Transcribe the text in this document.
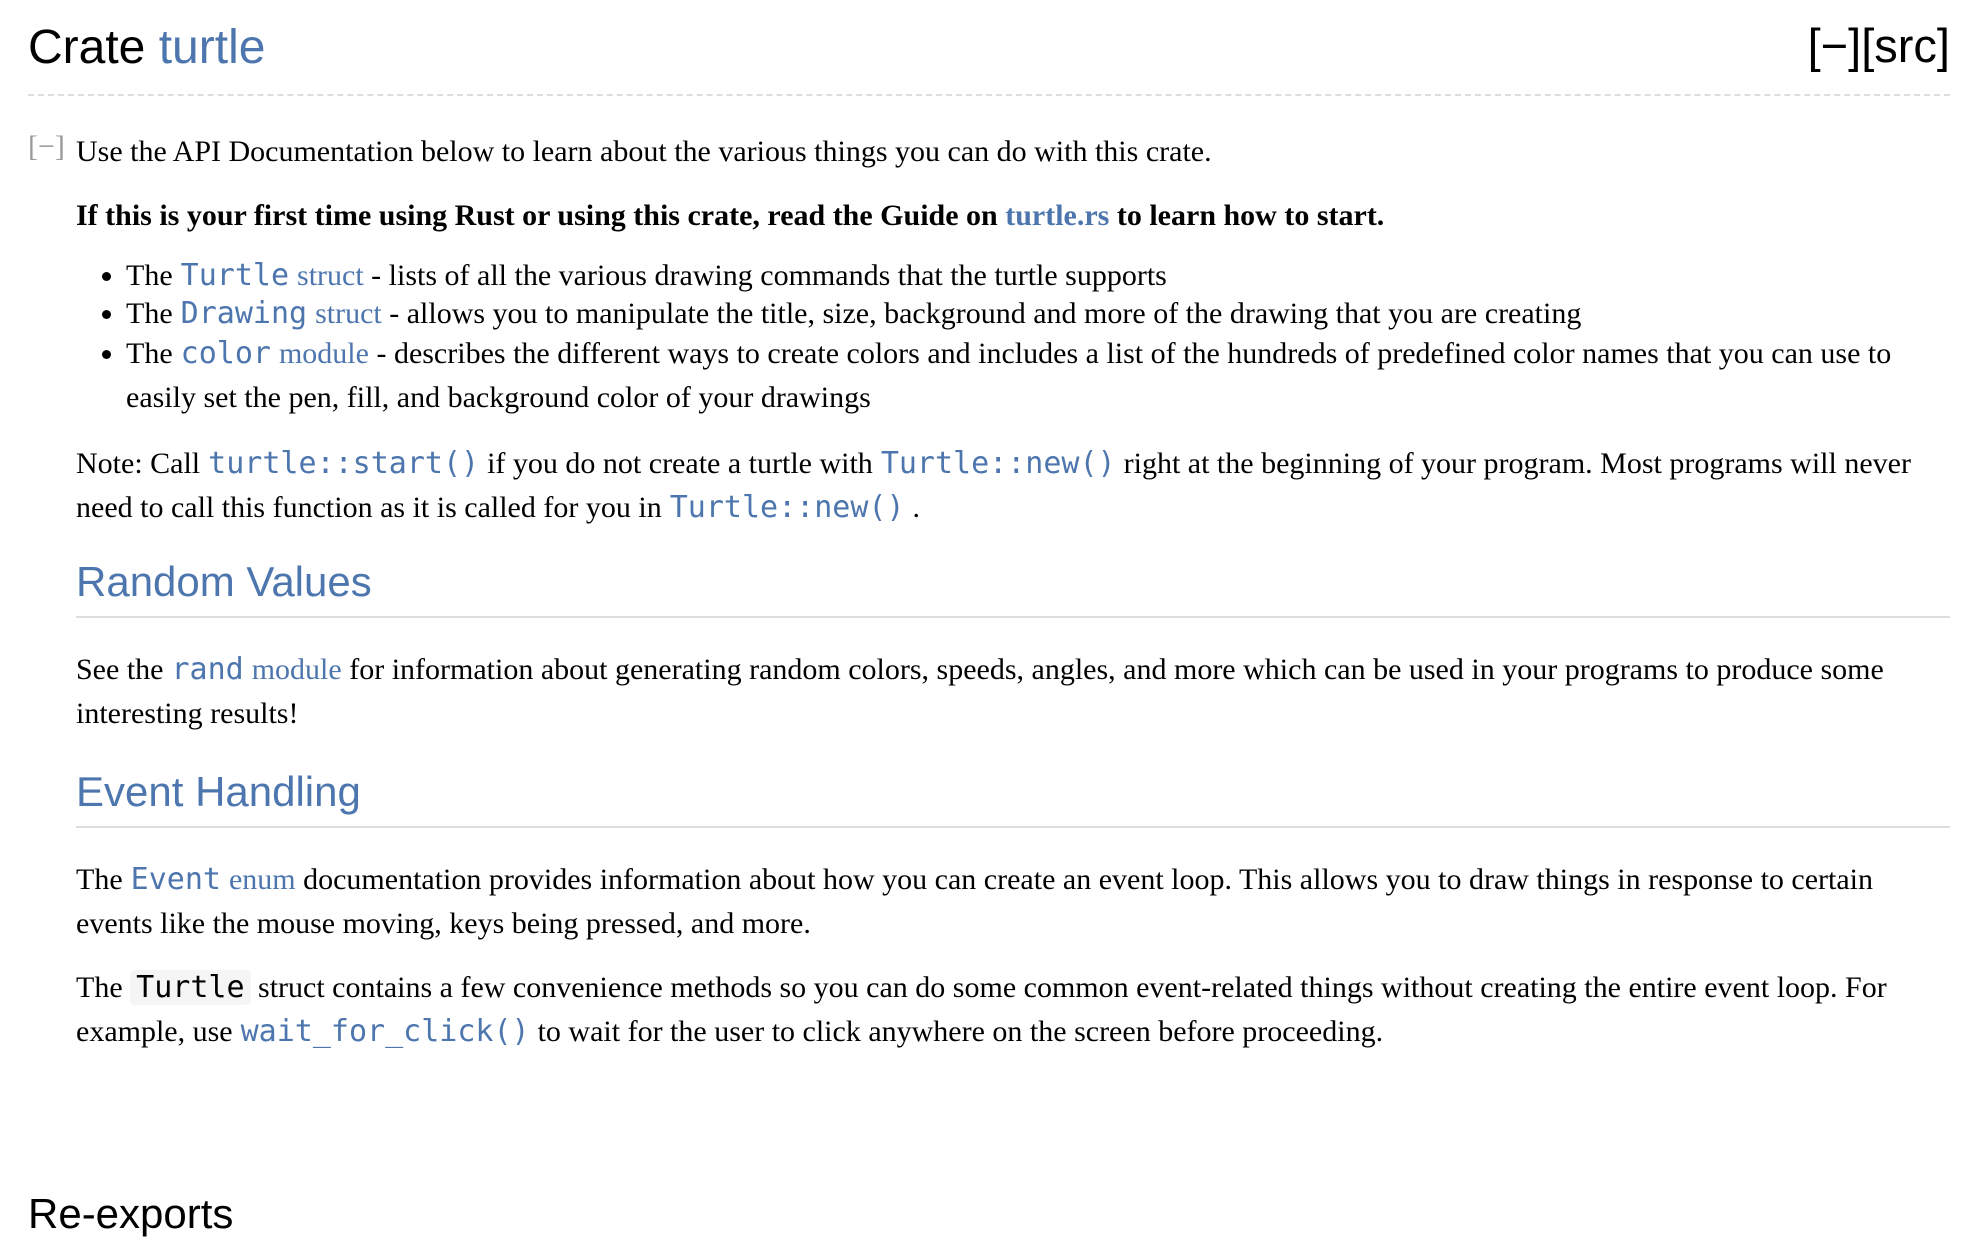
Crate turtle	[−][src]
[−] Use the API Documentation below to learn about the various things you can do with this crate.

If this is your first time using Rust or using this crate, read the Guide on turtle.rs to learn how to start.

• The Turtle struct - lists of all the various drawing commands that the turtle supports
• The Drawing struct - allows you to manipulate the title, size, background and more of the drawing that you are creating
• The color module - describes the different ways to create colors and includes a list of the hundreds of predefined color names that you can use to easily set the pen, fill, and background color of your drawings

Note: Call turtle::start() if you do not create a turtle with Turtle::new() right at the beginning of your program. Most programs will never need to call this function as it is called for you in Turtle::new() .

Random Values

See the rand module for information about generating random colors, speeds, angles, and more which can be used in your programs to produce some interesting results!

Event Handling

The Event enum documentation provides information about how you can create an event loop. This allows you to draw things in response to certain events like the mouse moving, keys being pressed, and more.

The Turtle struct contains a few convenience methods so you can do some common event-related things without creating the entire event loop. For example, use wait_for_click() to wait for the user to click anywhere on the screen before proceeding.

Re-exports
